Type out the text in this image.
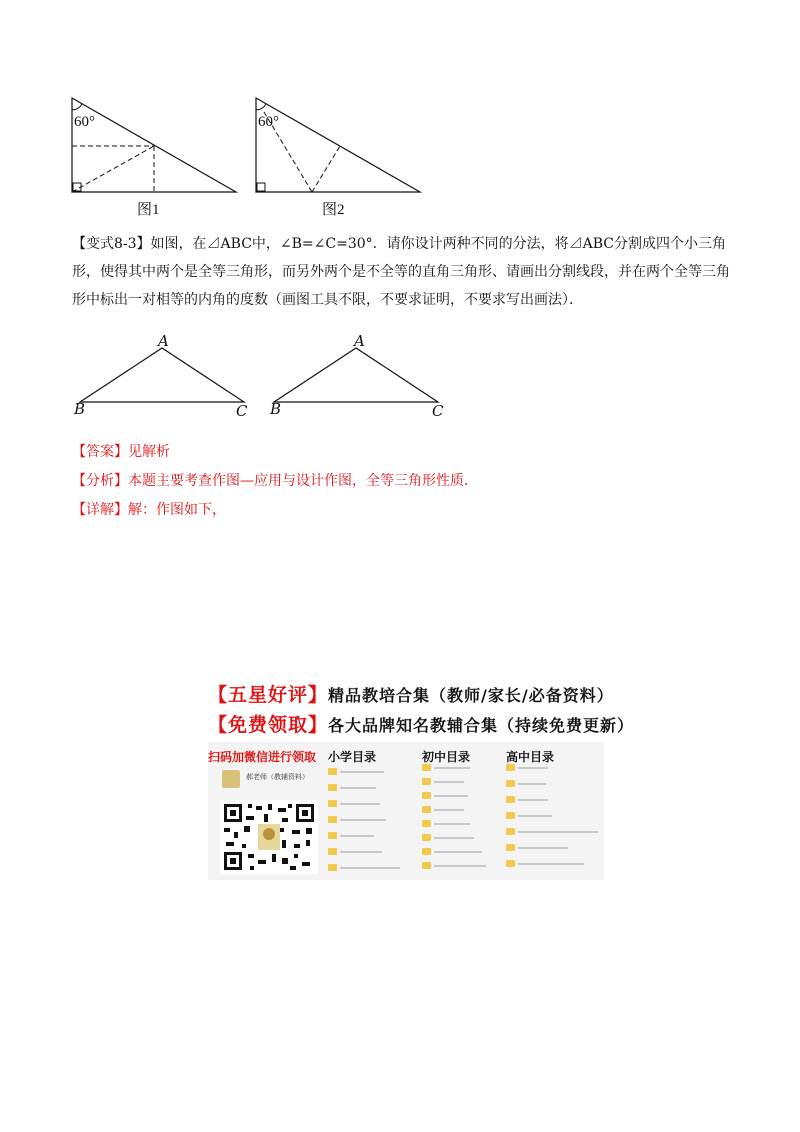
60°
图1
60°
图2
【变式8-3】如图，在⊿ABC中，∠B=∠C=30°．请你设计两种不同的分法，将⊿ABC分割成四个小三角形，使得其中两个是全等三角形，而另外两个是不全等的直角三角形、请画出分割线段，并在两个全等三角形中标出一对相等的内角的度数（画图工具不限，不要求证明，不要求写出画法）．
A
B	C
A
B	C
【答案】见解析
【分析】本题主要考查作图—应用与设计作图，全等三角形性质．
【详解】解：作图如下，
【五星好评】精品教培合集（教师/家长/必备资料）
【免费领取】各大品牌知名教辅合集（持续免费更新）
扫码加微信进行领取 小学目录	初中目录	高中目录
郝老师（教辅资料）
